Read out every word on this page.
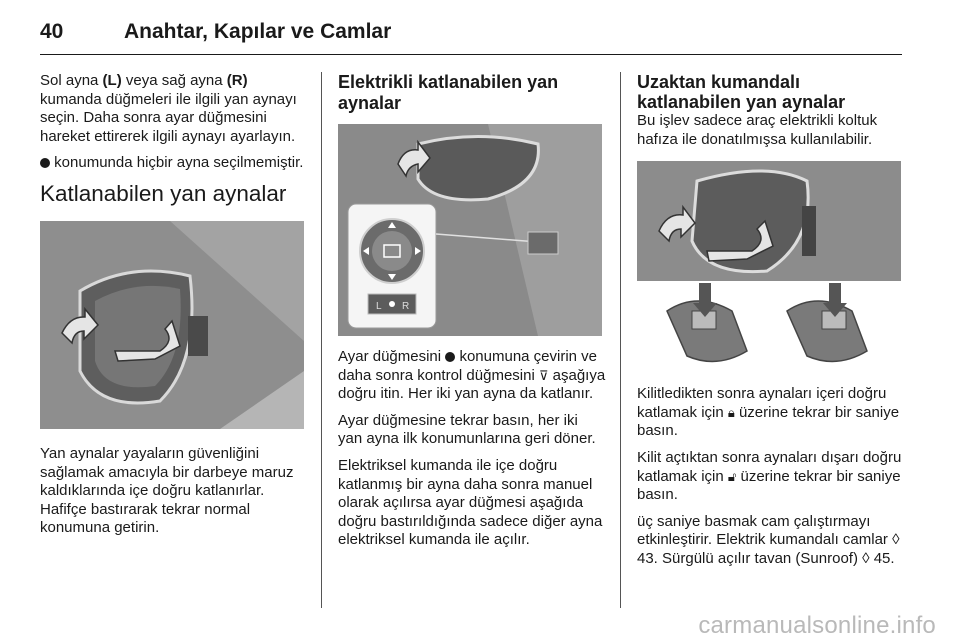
40	Anahtar, Kapılar ve Camlar

Sol ayna (L) veya sağ ayna (R) kumanda düğmeleri ile ilgili yan aynayı seçin. Daha sonra ayar düğmesini hareket ettirerek ilgili aynayı ayarlayın.

konumunda hiçbir ayna seçilmemiştir.

Katlanabilen yan aynalar

Yan aynalar yayaların güvenliğini sağlamak amacıyla bir darbeye maruz kaldıklarında içe doğru katlanırlar. Hafifçe bastırarak tekrar normal konumuna getirin.

Elektrikli katlanabilen yan aynalar
L R

Ayar düğmesini  konumuna çevirin ve daha sonra kontrol düğmesini ⊽ aşağıya doğru itin. Her iki yan ayna da katlanır.

Ayar düğmesine tekrar basın, her iki yan ayna ilk konumunlarına geri döner.

Elektriksel kumanda ile içe doğru katlanmış bir ayna daha sonra manuel olarak açılırsa ayar düğmesi aşağıda doğru bastırıldığında sadece diğer ayna elektriksel kumanda ile açılır.

Uzaktan kumandalı katlanabilen yan aynalar

Bu işlev sadece araç elektrikli koltuk hafıza ile donatılmışsa kullanılabilir.

Kilitledikten sonra aynaları içeri doğru katlamak için 🔒︎ üzerine tekrar bir saniye basın.

Kilit açtıktan sonra aynaları dışarı doğru katlamak için 🔓︎ üzerine tekrar bir saniye basın.

üç saniye basmak cam çalıştırmayı etkinleştirir. Elektrik kumandalı camlar ◊ 43. Sürgülü açılır tavan (Sunroof) ◊ 45.

carmanualsonline.info
